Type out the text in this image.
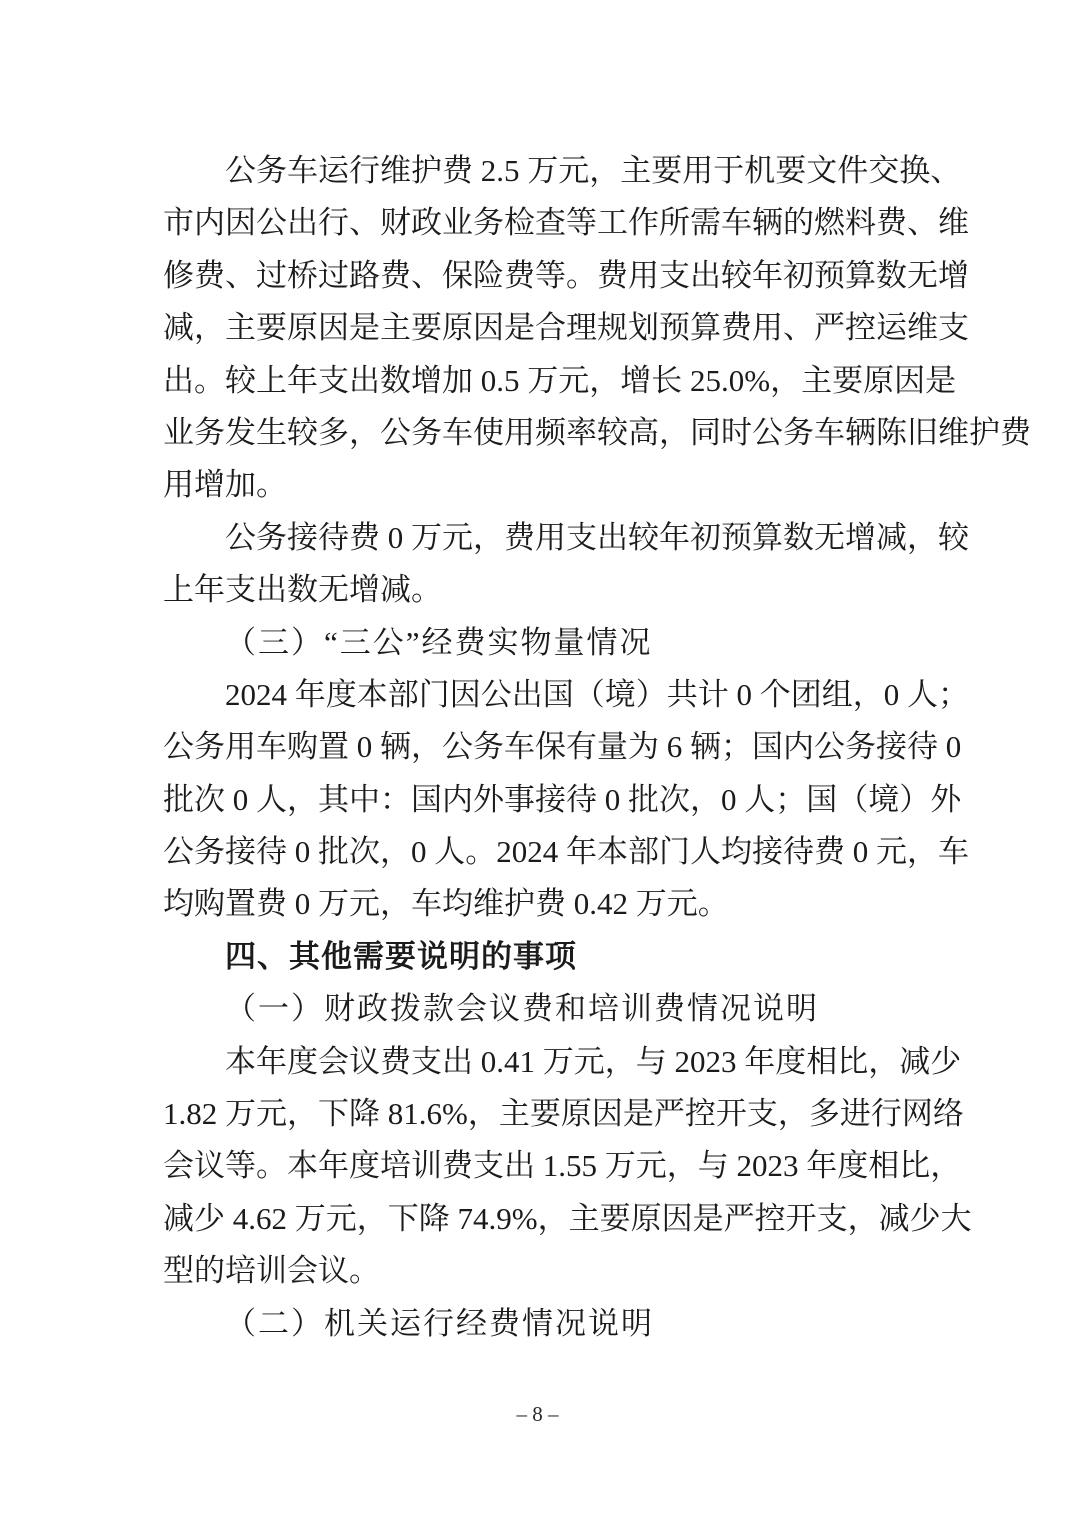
公 务 车 运 行 维 护 费 2.5 万 元 ， 主 要 用 于 机 要 文 件 交 换 、
市 内 因 公 出 行 、 财 政 业 务 检 查 等 工 作 所 需 车 辆 的 燃 料 费 、 维
修 费 、 过 桥 过 路 费 、 保 险 费 等 。 费 用 支 出 较 年 初 预 算 数 无 增
减 ， 主 要 原 因 是 主 要 原 因 是 合 理 规 划 预 算 费 用 、 严 控 运 维 支
出 。 较 上 年 支 出 数 增 加 0.5 万 元 ， 增 长 25.0% ， 主 要 原 因 是
业 务 发 生 较 多 ， 公 务 车 使 用 频 率 较 高 ， 同 时 公 务 车 辆 陈 旧 维 护 费
用增加。
公 务 接 待 费 0 万 元 ， 费 用 支 出 较 年 初 预 算 数 无 增 减 ， 较
上年支出数无增减。
（三）“三公”经费实物量情况
2024 年 度 本 部 门 因 公 出 国 （ 境 ） 共 计 0 个 团 组 ， 0 人 ；
公 务 用 车 购 置 0 辆 ， 公 务 车 保 有 量 为 6 辆 ； 国 内 公 务 接 待 0
批 次 0 人 ， 其 中 ： 国 内 外 事 接 待 0 批 次 ， 0 人 ； 国 （ 境 ） 外
公 务 接 待 0 批 次 ， 0 人 。 2024 年 本 部 门 人 均 接 待 费 0 元 ， 车
均购置费 0 万元，车均维护费 0.42 万元。
四、其他需要说明的事项
（一）财政拨款会议费和培训费情况说明
本 年 度 会 议 费 支 出 0.41 万 元 ， 与 2023 年 度 相 比 ， 减 少
1.82 万 元 ， 下 降 81.6% ， 主 要 原 因 是 严 控 开 支 ， 多 进 行 网 络
会 议 等 。 本 年 度 培 训 费 支 出 1.55 万 元 ， 与 2023 年 度 相 比 ，
减 少 4.62 万 元 ， 下 降 74.9% ， 主 要 原 因 是 严 控 开 支 ， 减 少 大
型的培训会议。
（二）机关运行经费情况说明
– 8 –
